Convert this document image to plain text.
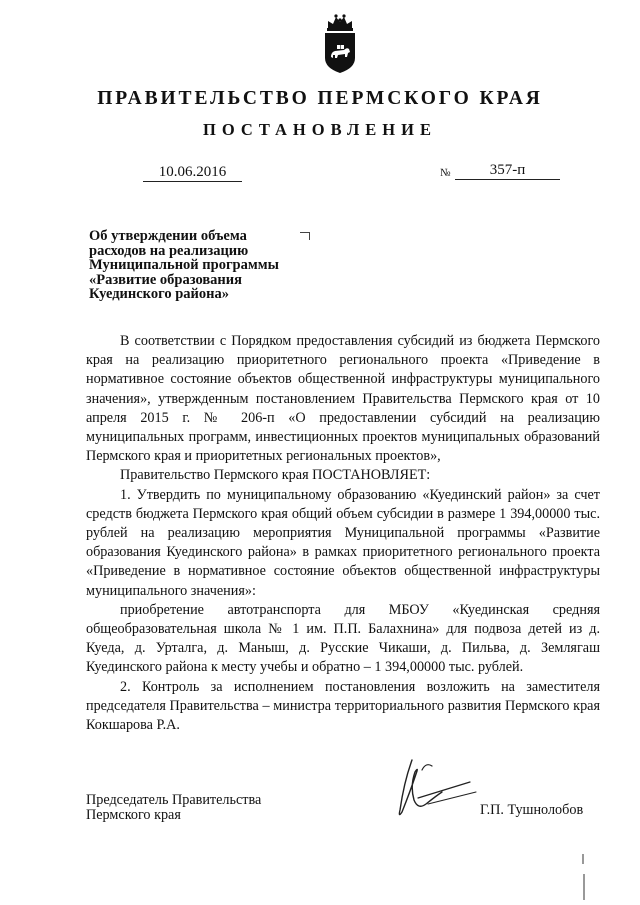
ПРАВИТЕЛЬСТВО ПЕРМСКОГО КРАЯ
ПОСТАНОВЛЕНИЕ
10.06.2016	№	357-п
Об утверждении объема
расходов на реализацию
Муниципальной программы
«Развитие образования
Куединского района»

В соответствии с Порядком предоставления субсидий из бюджета Пермского края на реализацию приоритетного регионального проекта «Приведение в нормативное состояние объектов общественной инфраструктуры муниципального значения», утвержденным постановлением Правительства Пермского края от 10 апреля 2015 г. № 206-п «О предоставлении субсидий на реализацию муниципальных программ, инвестиционных проектов муниципальных образований Пермского края и приоритетных региональных проектов»,

Правительство Пермского края ПОСТАНОВЛЯЕТ:

1. Утвердить по муниципальному образованию «Куединский район» за счет средств бюджета Пермского края общий объем субсидии в размере 1 394,00000 тыс. рублей на реализацию мероприятия Муниципальной программы «Развитие образования Куединского района» в рамках приоритетного регионального проекта «Приведение в нормативное состояние объектов общественной инфраструктуры муниципального значения»:

приобретение автотранспорта для МБОУ «Куединская средняя общеобразовательная школа № 1 им. П.П. Балахнина» для подвоза детей из д. Куеда, д. Урталга, д. Маныш, д. Русские Чикаши, д. Пильва, д. Землягаш Куединского района к месту учебы и обратно – 1 394,00000 тыс. рублей.

2. Контроль за исполнением постановления возложить на заместителя председателя Правительства – министра территориального развития Пермского края Кокшарова Р.А.

Председатель Правительства
Пермского края	Г.П. Тушнолобов
